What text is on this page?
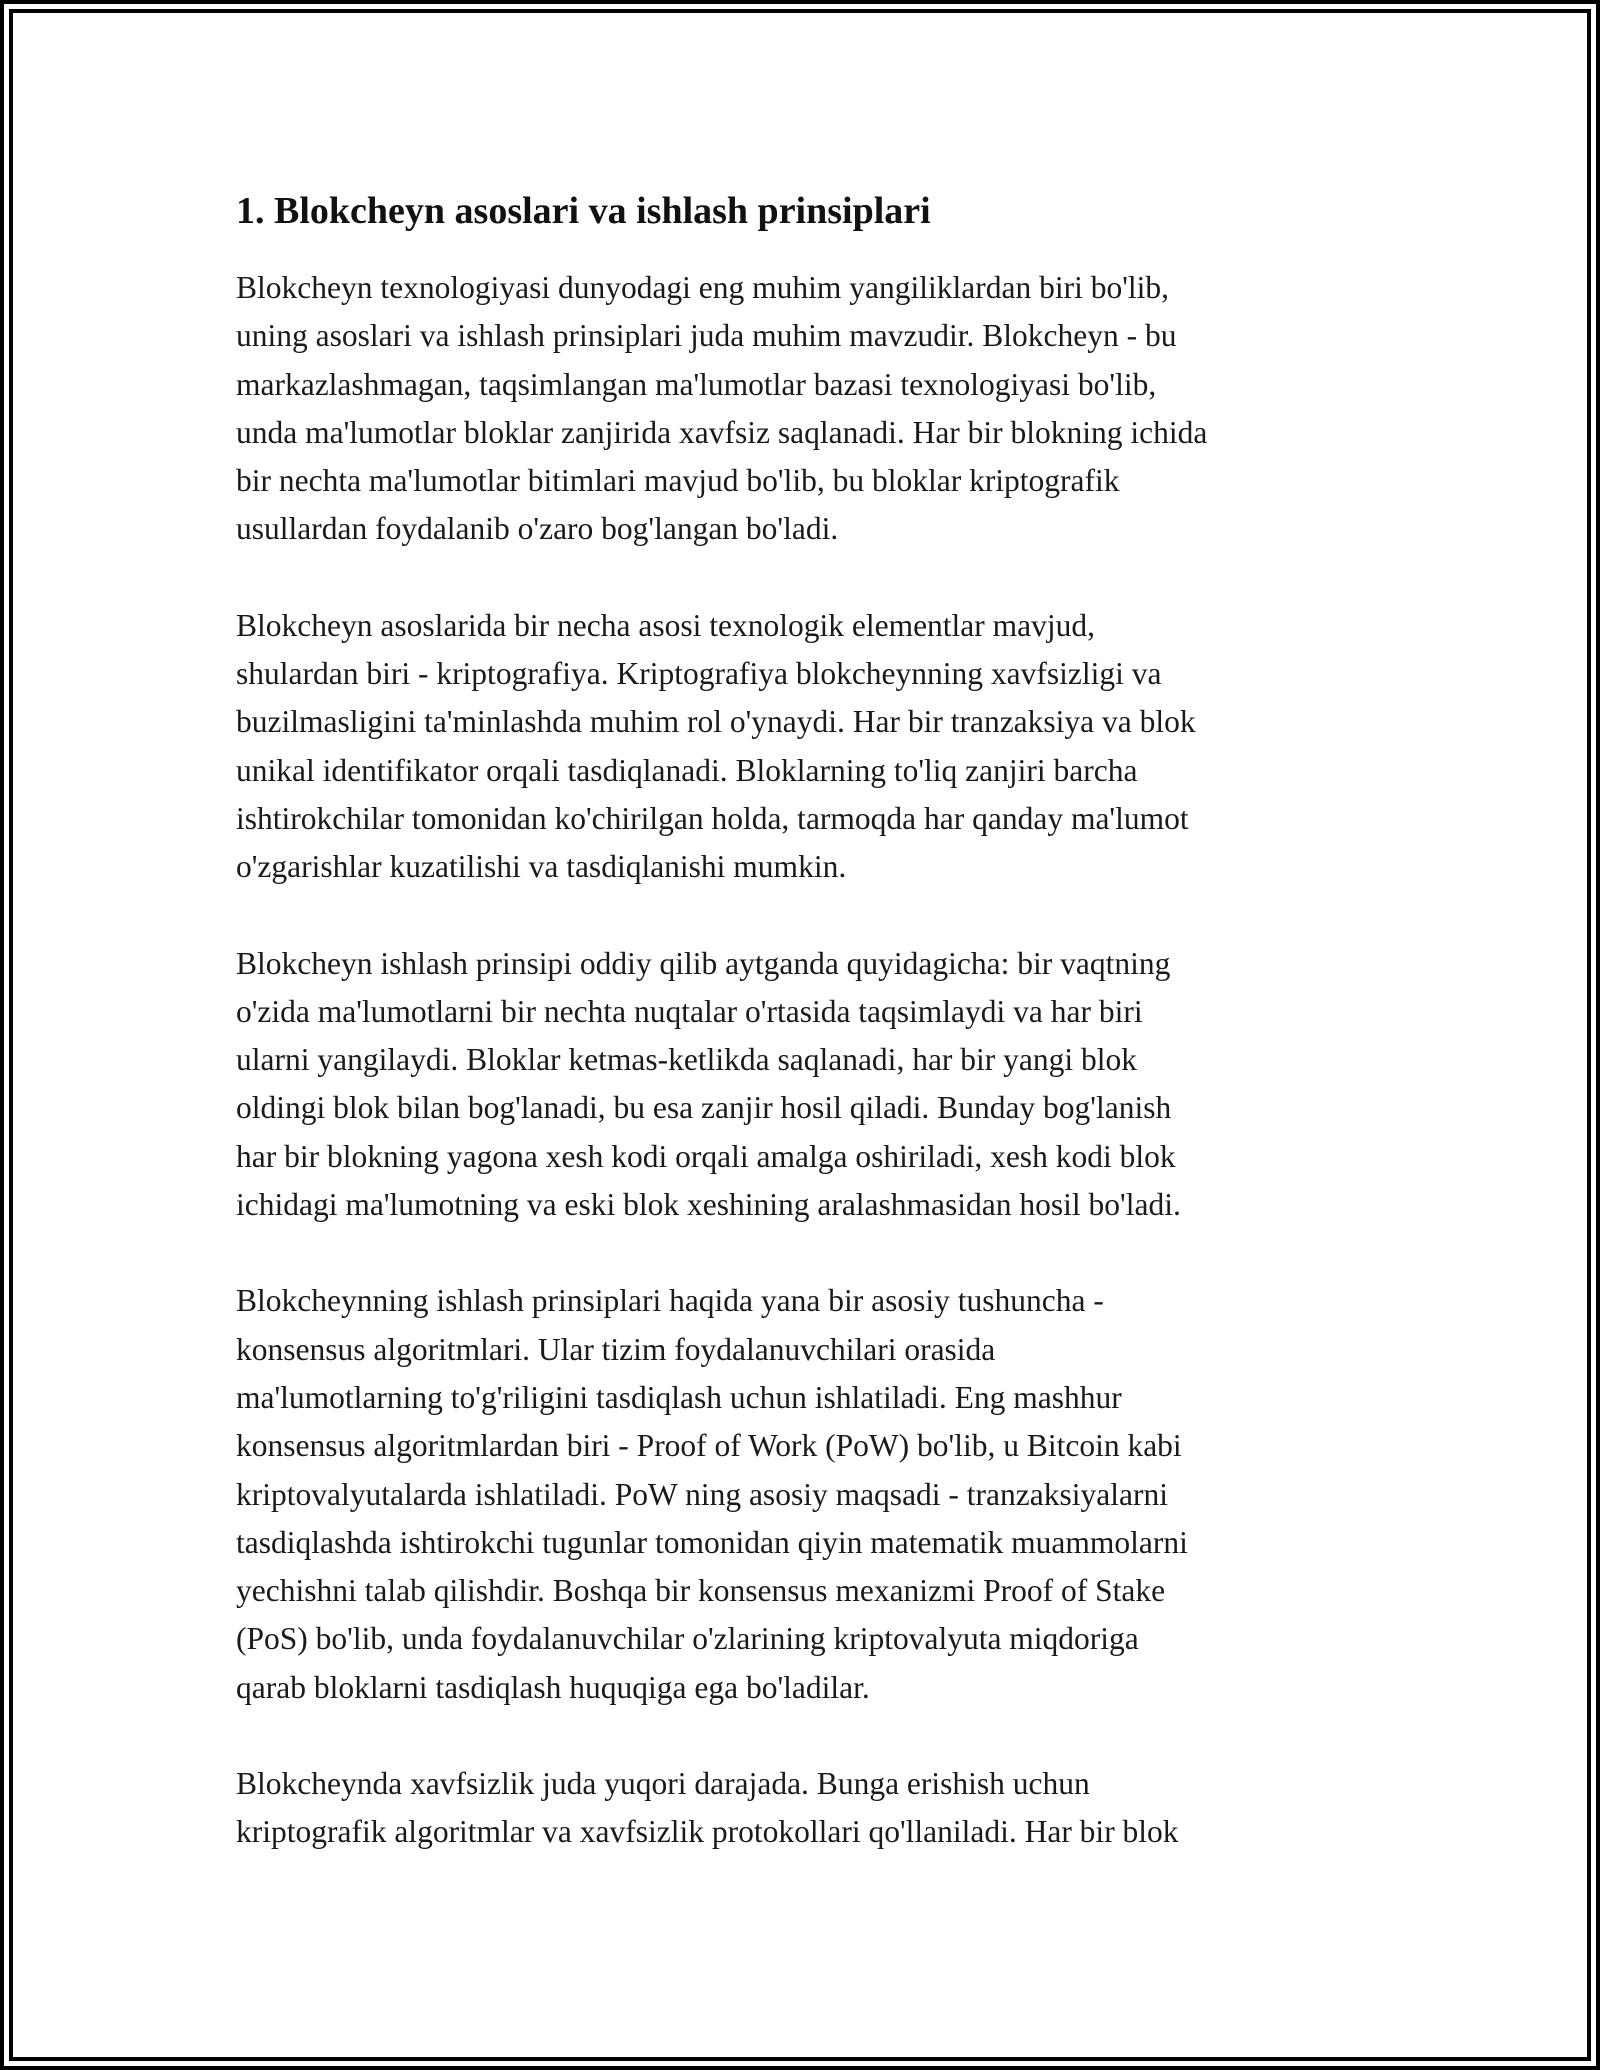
1. Blokcheyn asoslari va ishlash prinsiplari

Blokcheyn texnologiyasi dunyodagi eng muhim yangiliklardan biri bo'lib,
uning asoslari va ishlash prinsiplari juda muhim mavzudir. Blokcheyn - bu
markazlashmagan, taqsimlangan ma'lumotlar bazasi texnologiyasi bo'lib,
unda ma'lumotlar bloklar zanjirida xavfsiz saqlanadi. Har bir blokning ichida
bir nechta ma'lumotlar bitimlari mavjud bo'lib, bu bloklar kriptografik
usullardan foydalanib o'zaro bog'langan bo'ladi.

Blokcheyn asoslarida bir necha asosi texnologik elementlar mavjud,
shulardan biri - kriptografiya. Kriptografiya blokcheynning xavfsizligi va
buzilmasligini ta'minlashda muhim rol o'ynaydi. Har bir tranzaksiya va blok
unikal identifikator orqali tasdiqlanadi. Bloklarning to'liq zanjiri barcha
ishtirokchilar tomonidan ko'chirilgan holda, tarmoqda har qanday ma'lumot
o'zgarishlar kuzatilishi va tasdiqlanishi mumkin.

Blokcheyn ishlash prinsipi oddiy qilib aytganda quyidagicha: bir vaqtning
o'zida ma'lumotlarni bir nechta nuqtalar o'rtasida taqsimlaydi va har biri
ularni yangilaydi. Bloklar ketmas-ketlikda saqlanadi, har bir yangi blok
oldingi blok bilan bog'lanadi, bu esa zanjir hosil qiladi. Bunday bog'lanish
har bir blokning yagona xesh kodi orqali amalga oshiriladi, xesh kodi blok
ichidagi ma'lumotning va eski blok xeshining aralashmasidan hosil bo'ladi.

Blokcheynning ishlash prinsiplari haqida yana bir asosiy tushuncha -
konsensus algoritmlari. Ular tizim foydalanuvchilari orasida
ma'lumotlarning to'g'riligini tasdiqlash uchun ishlatiladi. Eng mashhur
konsensus algoritmlardan biri - Proof of Work (PoW) bo'lib, u Bitcoin kabi
kriptovalyutalarda ishlatiladi. PoW ning asosiy maqsadi - tranzaksiyalarni
tasdiqlashda ishtirokchi tugunlar tomonidan qiyin matematik muammolarni
yechishni talab qilishdir. Boshqa bir konsensus mexanizmi Proof of Stake
(PoS) bo'lib, unda foydalanuvchilar o'zlarining kriptovalyuta miqdoriga
qarab bloklarni tasdiqlash huquqiga ega bo'ladilar.

Blokcheynda xavfsizlik juda yuqori darajada. Bunga erishish uchun
kriptografik algoritmlar va xavfsizlik protokollari qo'llaniladi. Har bir blok
